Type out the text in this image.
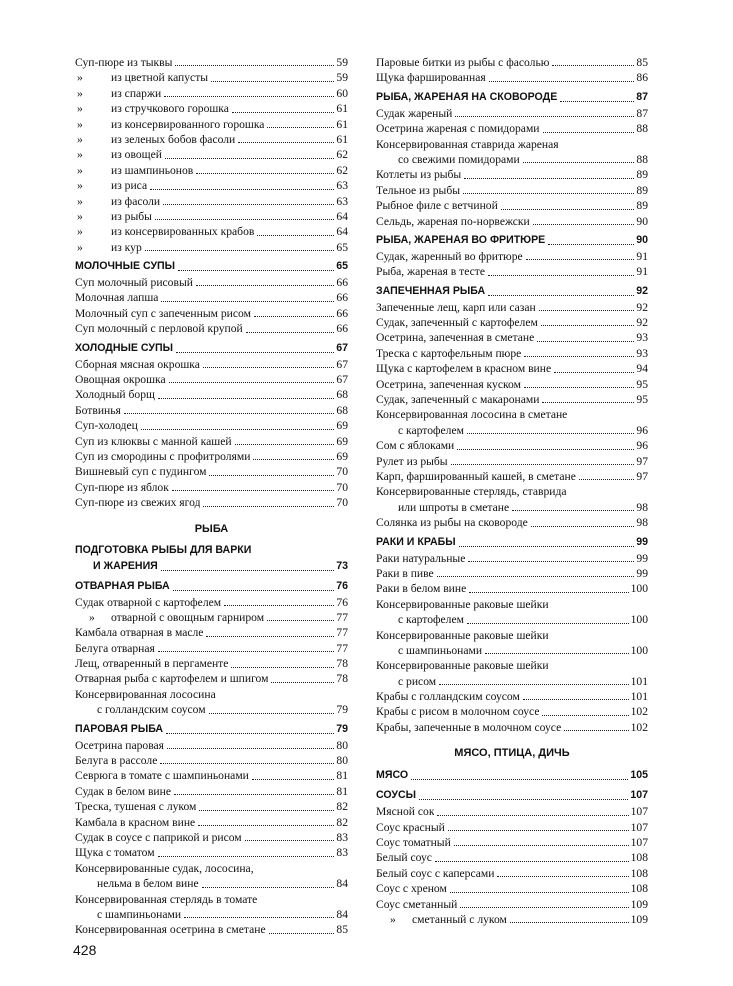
Суп-пюре из тыквы	59
» из цветной капусты	59
» из спаржи	60
» из стручкового горошка	61
» из консервированного горошка	61
» из зеленых бобов фасоли	61
» из овощей	62
» из шампиньонов	62
» из риса	63
» из фасоли	63
» из рыбы	64
» из консервированных крабов	64
» из кур	65
МОЛОЧНЫЕ СУПЫ	65
Суп молочный рисовый	66
Молочная лапша	66
Молочный суп с запеченным рисом	66
Суп молочный с перловой крупой	66
ХОЛОДНЫЕ СУПЫ	67
Сборная мясная окрошка	67
Овощная окрошка	67
Холодный борщ	68
Ботвинья	68
Суп-холодец	69
Суп из клюквы с манной кашей	69
Суп из смородины с профитролями	69
Вишневый суп с пудингом	70
Суп-пюре из яблок	70
Суп-пюре из свежих ягод	70
РЫБА
ПОДГОТОВКА РЫБЫ ДЛЯ ВАРКИ
И ЖАРЕНИЯ	73
ОТВАРНАЯ РЫБА	76
Судак отварной с картофелем	76
» отварной с овощным гарниром	77
Камбала отварная в масле	77
Белуга отварная	77
Лещ, отваренный в пергаменте	78
Отварная рыба с картофелем и шпигом	78
Консервированная лососина
с голландским соусом	79
ПАРОВАЯ РЫБА	79
Осетрина паровая	80
Белуга в рассоле	80
Севрюга в томате с шампиньонами	81
Судак в белом вине	81
Треска, тушеная с луком	82
Камбала в красном вине	82
Судак в соусе с паприкой и рисом	83
Щука с томатом	83
Консервированные судак, лососина,
нельма в белом вине	84
Консервированная стерлядь в томате
с шампиньонами	84
Консервированная осетрина в сметане	85
Паровые битки из рыбы с фасолью	85
Щука фаршированная	86
РЫБА, ЖАРЕНАЯ НА СКОВОРОДЕ	87
Судак жареный	87
Осетрина жареная с помидорами	88
Консервированная ставрида жареная
со свежими помидорами	88
Котлеты из рыбы	89
Тельное из рыбы	89
Рыбное филе с ветчиной	89
Сельдь, жареная по-норвежски	90
РЫБА, ЖАРЕНАЯ ВО ФРИТЮРЕ	90
Судак, жаренный во фритюре	91
Рыба, жареная в тесте	91
ЗАПЕЧЕННАЯ РЫБА	92
Запеченные лещ, карп или сазан	92
Судак, запеченный с картофелем	92
Осетрина, запеченная в сметане	93
Треска с картофельным пюре	93
Щука с картофелем в красном вине	94
Осетрина, запеченная куском	95
Судак, запеченный с макаронами	95
Консервированная лососина в сметане
с картофелем	96
Сом с яблоками	96
Рулет из рыбы	97
Карп, фаршированный кашей, в сметане	97
Консервированные стерлядь, ставрида
или шпроты в сметане	98
Солянка из рыбы на сковороде	98
РАКИ И КРАБЫ	99
Раки натуральные	99
Раки в пиве	99
Раки в белом вине	100
Консервированные раковые шейки
с картофелем	100
Консервированные раковые шейки
с шампиньонами	100
Консервированные раковые шейки
с рисом	101
Крабы с голландским соусом	101
Крабы с рисом в молочном соусе	102
Крабы, запеченные в молочном соусе	102
МЯСО, ПТИЦА, ДИЧЬ
МЯСО	105
СОУСЫ	107
Мясной сок	107
Соус красный	107
Соус томатный	107
Белый соус	108
Белый соус с каперсами	108
Соус с хреном	108
Соус сметанный	109
» сметанный с луком	109
428
